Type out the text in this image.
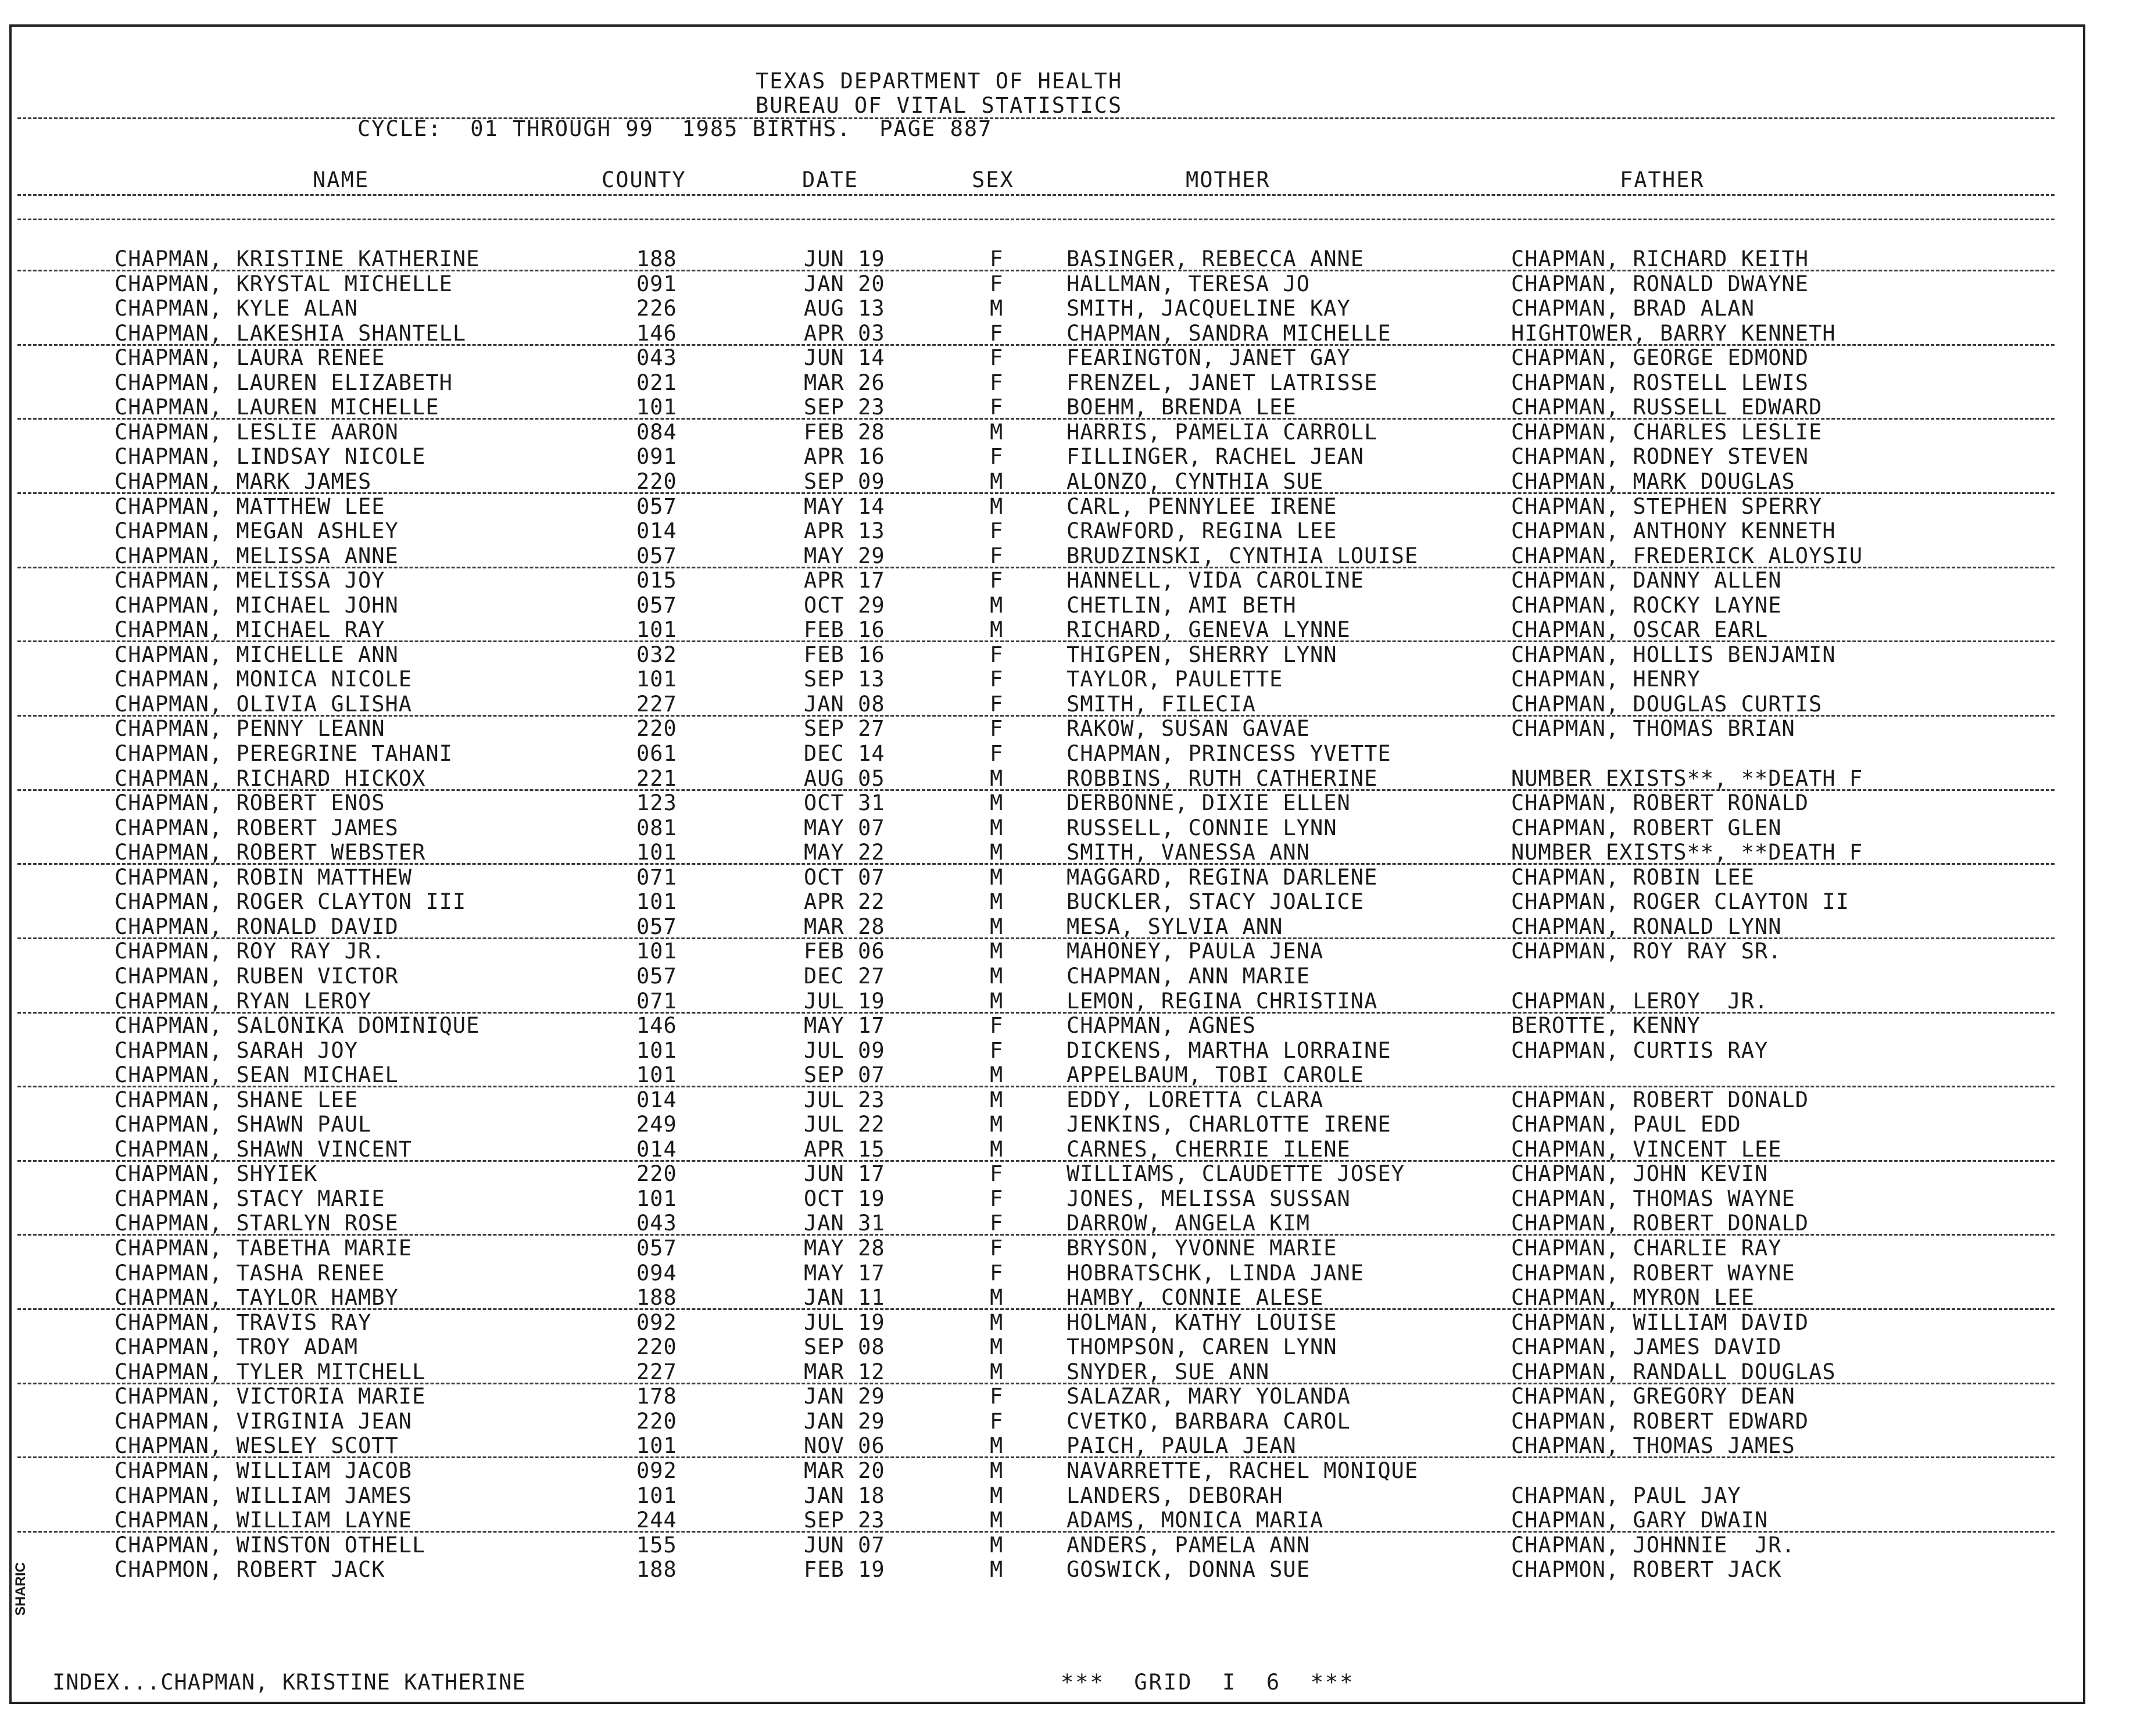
TEXAS DEPARTMENT OF HEALTH
BUREAU OF VITAL STATISTICS
CYCLE:  01 THROUGH 99  1985 BIRTHS.  PAGE 887
NAME	COUNTY	DATE	SEX	MOTHER	FATHER
CHAPMAN, KRISTINE KATHERINE	188	JUN 19	F	BASINGER, REBECCA ANNE	CHAPMAN, RICHARD KEITH
CHAPMAN, KRYSTAL MICHELLE	091	JAN 20	F	HALLMAN, TERESA JO	CHAPMAN, RONALD DWAYNE
CHAPMAN, KYLE ALAN	226	AUG 13	M	SMITH, JACQUELINE KAY	CHAPMAN, BRAD ALAN
CHAPMAN, LAKESHIA SHANTELL	146	APR 03	F	CHAPMAN, SANDRA MICHELLE	HIGHTOWER, BARRY KENNETH
CHAPMAN, LAURA RENEE	043	JUN 14	F	FEARINGTON, JANET GAY	CHAPMAN, GEORGE EDMOND
CHAPMAN, LAUREN ELIZABETH	021	MAR 26	F	FRENZEL, JANET LATRISSE	CHAPMAN, ROSTELL LEWIS
CHAPMAN, LAUREN MICHELLE	101	SEP 23	F	BOEHM, BRENDA LEE	CHAPMAN, RUSSELL EDWARD
CHAPMAN, LESLIE AARON	084	FEB 28	M	HARRIS, PAMELIA CARROLL	CHAPMAN, CHARLES LESLIE
CHAPMAN, LINDSAY NICOLE	091	APR 16	F	FILLINGER, RACHEL JEAN	CHAPMAN, RODNEY STEVEN
CHAPMAN, MARK JAMES	220	SEP 09	M	ALONZO, CYNTHIA SUE	CHAPMAN, MARK DOUGLAS
CHAPMAN, MATTHEW LEE	057	MAY 14	M	CARL, PENNYLEE IRENE	CHAPMAN, STEPHEN SPERRY
CHAPMAN, MEGAN ASHLEY	014	APR 13	F	CRAWFORD, REGINA LEE	CHAPMAN, ANTHONY KENNETH
CHAPMAN, MELISSA ANNE	057	MAY 29	F	BRUDZINSKI, CYNTHIA LOUISE	CHAPMAN, FREDERICK ALOYSIU
CHAPMAN, MELISSA JOY	015	APR 17	F	HANNELL, VIDA CAROLINE	CHAPMAN, DANNY ALLEN
CHAPMAN, MICHAEL JOHN	057	OCT 29	M	CHETLIN, AMI BETH	CHAPMAN, ROCKY LAYNE
CHAPMAN, MICHAEL RAY	101	FEB 16	M	RICHARD, GENEVA LYNNE	CHAPMAN, OSCAR EARL
CHAPMAN, MICHELLE ANN	032	FEB 16	F	THIGPEN, SHERRY LYNN	CHAPMAN, HOLLIS BENJAMIN
CHAPMAN, MONICA NICOLE	101	SEP 13	F	TAYLOR, PAULETTE	CHAPMAN, HENRY
CHAPMAN, OLIVIA GLISHA	227	JAN 08	F	SMITH, FILECIA	CHAPMAN, DOUGLAS CURTIS
CHAPMAN, PENNY LEANN	220	SEP 27	F	RAKOW, SUSAN GAVAE	CHAPMAN, THOMAS BRIAN
CHAPMAN, PEREGRINE TAHANI	061	DEC 14	F	CHAPMAN, PRINCESS YVETTE
CHAPMAN, RICHARD HICKOX	221	AUG 05	M	ROBBINS, RUTH CATHERINE	NUMBER EXISTS**, **DEATH F
CHAPMAN, ROBERT ENOS	123	OCT 31	M	DERBONNE, DIXIE ELLEN	CHAPMAN, ROBERT RONALD
CHAPMAN, ROBERT JAMES	081	MAY 07	M	RUSSELL, CONNIE LYNN	CHAPMAN, ROBERT GLEN
CHAPMAN, ROBERT WEBSTER	101	MAY 22	M	SMITH, VANESSA ANN	NUMBER EXISTS**, **DEATH F
CHAPMAN, ROBIN MATTHEW	071	OCT 07	M	MAGGARD, REGINA DARLENE	CHAPMAN, ROBIN LEE
CHAPMAN, ROGER CLAYTON III	101	APR 22	M	BUCKLER, STACY JOALICE	CHAPMAN, ROGER CLAYTON II
CHAPMAN, RONALD DAVID	057	MAR 28	M	MESA, SYLVIA ANN	CHAPMAN, RONALD LYNN
CHAPMAN, ROY RAY JR.	101	FEB 06	M	MAHONEY, PAULA JENA	CHAPMAN, ROY RAY SR.
CHAPMAN, RUBEN VICTOR	057	DEC 27	M	CHAPMAN, ANN MARIE
CHAPMAN, RYAN LEROY	071	JUL 19	M	LEMON, REGINA CHRISTINA	CHAPMAN, LEROY  JR.
CHAPMAN, SALONIKA DOMINIQUE	146	MAY 17	F	CHAPMAN, AGNES	BEROTTE, KENNY
CHAPMAN, SARAH JOY	101	JUL 09	F	DICKENS, MARTHA LORRAINE	CHAPMAN, CURTIS RAY
CHAPMAN, SEAN MICHAEL	101	SEP 07	M	APPELBAUM, TOBI CAROLE
CHAPMAN, SHANE LEE	014	JUL 23	M	EDDY, LORETTA CLARA	CHAPMAN, ROBERT DONALD
CHAPMAN, SHAWN PAUL	249	JUL 22	M	JENKINS, CHARLOTTE IRENE	CHAPMAN, PAUL EDD
CHAPMAN, SHAWN VINCENT	014	APR 15	M	CARNES, CHERRIE ILENE	CHAPMAN, VINCENT LEE
CHAPMAN, SHYIEK	220	JUN 17	F	WILLIAMS, CLAUDETTE JOSEY	CHAPMAN, JOHN KEVIN
CHAPMAN, STACY MARIE	101	OCT 19	F	JONES, MELISSA SUSSAN	CHAPMAN, THOMAS WAYNE
CHAPMAN, STARLYN ROSE	043	JAN 31	F	DARROW, ANGELA KIM	CHAPMAN, ROBERT DONALD
CHAPMAN, TABETHA MARIE	057	MAY 28	F	BRYSON, YVONNE MARIE	CHAPMAN, CHARLIE RAY
CHAPMAN, TASHA RENEE	094	MAY 17	F	HOBRATSCHK, LINDA JANE	CHAPMAN, ROBERT WAYNE
CHAPMAN, TAYLOR HAMBY	188	JAN 11	M	HAMBY, CONNIE ALESE	CHAPMAN, MYRON LEE
CHAPMAN, TRAVIS RAY	092	JUL 19	M	HOLMAN, KATHY LOUISE	CHAPMAN, WILLIAM DAVID
CHAPMAN, TROY ADAM	220	SEP 08	M	THOMPSON, CAREN LYNN	CHAPMAN, JAMES DAVID
CHAPMAN, TYLER MITCHELL	227	MAR 12	M	SNYDER, SUE ANN	CHAPMAN, RANDALL DOUGLAS
CHAPMAN, VICTORIA MARIE	178	JAN 29	F	SALAZAR, MARY YOLANDA	CHAPMAN, GREGORY DEAN
CHAPMAN, VIRGINIA JEAN	220	JAN 29	F	CVETKO, BARBARA CAROL	CHAPMAN, ROBERT EDWARD
CHAPMAN, WESLEY SCOTT	101	NOV 06	M	PAICH, PAULA JEAN	CHAPMAN, THOMAS JAMES
CHAPMAN, WILLIAM JACOB	092	MAR 20	M	NAVARRETTE, RACHEL MONIQUE
CHAPMAN, WILLIAM JAMES	101	JAN 18	M	LANDERS, DEBORAH	CHAPMAN, PAUL JAY
CHAPMAN, WILLIAM LAYNE	244	SEP 23	M	ADAMS, MONICA MARIA	CHAPMAN, GARY DWAIN
CHAPMAN, WINSTON OTHELL	155	JUN 07	M	ANDERS, PAMELA ANN	CHAPMAN, JOHNNIE  JR.
CHAPMON, ROBERT JACK	188	FEB 19	M	GOSWICK, DONNA SUE	CHAPMON, ROBERT JACK
SHARIC
INDEX...CHAPMAN, KRISTINE KATHERINE	***  GRID  I  6  ***
